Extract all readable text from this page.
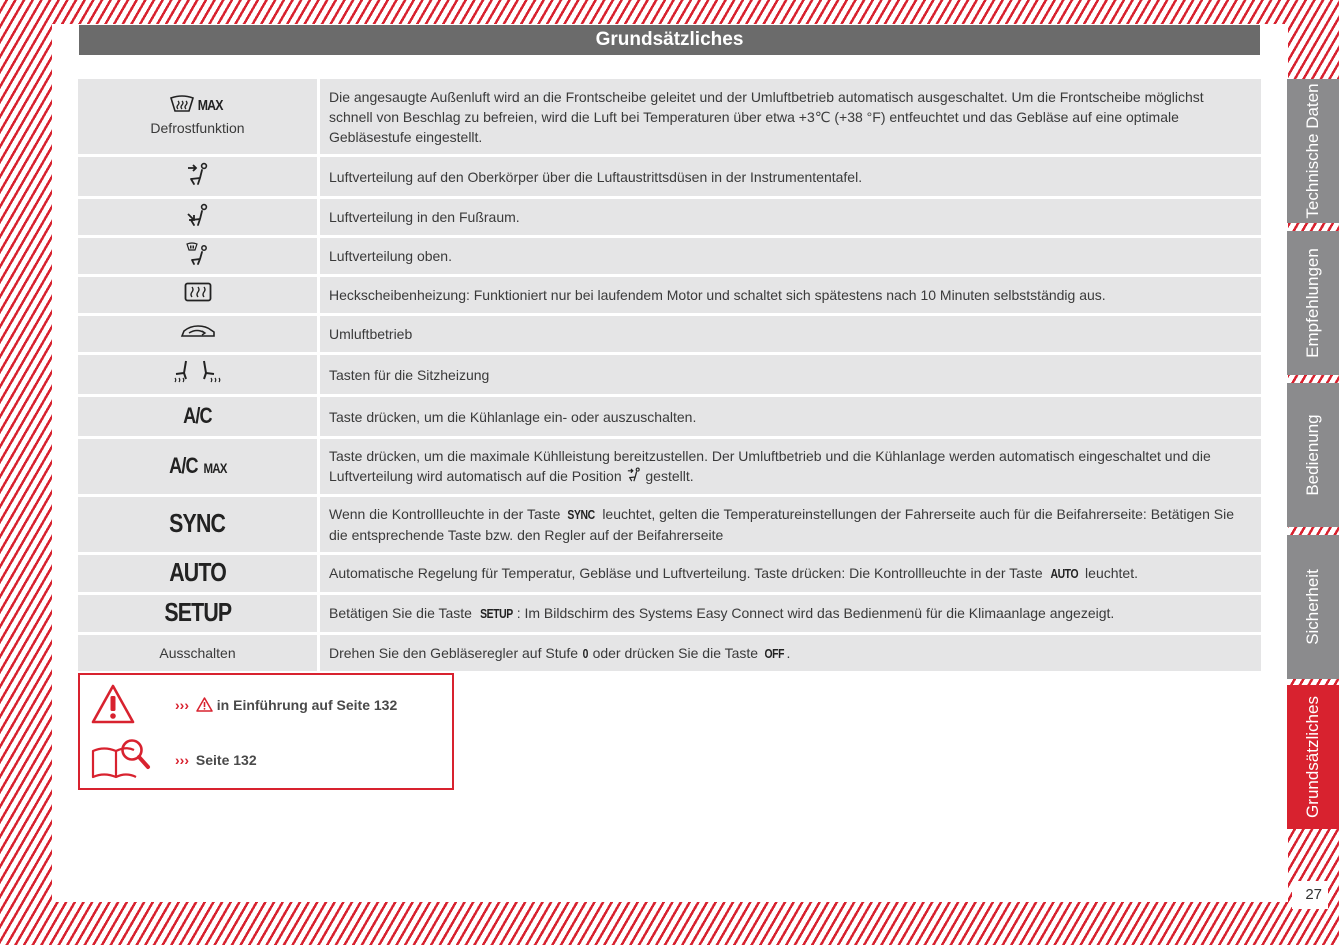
Grundsätzliches
MAX
Defrostfunktion	Die angesaugte Außenluft wird an die Frontscheibe geleitet und der Umluftbetrieb automatisch ausgeschaltet. Um die Frontscheibe möglichst schnell von Beschlag zu befreien, wird die Luft bei Temperaturen über etwa +3℃ (+38 °F) entfeuchtet und das Gebläse auf eine optimale Gebläsestufe eingestellt.
	Luftverteilung auf den Oberkörper über die Luftaustrittsdüsen in der Instrumententafel.
	Luftverteilung in den Fußraum.
	Luftverteilung oben.
	Heckscheibenheizung: Funktioniert nur bei laufendem Motor und schaltet sich spätestens nach 10 Minuten selbstständig aus.
	Umluftbetrieb
	Tasten für die Sitzheizung
A/C	Taste drücken, um die Kühlanlage ein- oder auszuschalten.
A/C MAX	Taste drücken, um die maximale Kühlleistung bereitzustellen. Der Umluftbetrieb und die Kühlanlage werden automatisch eingeschaltet und die Luftverteilung wird automatisch auf die Position gestellt.
SYNC	Wenn die Kontrollleuchte in der Taste SYNC leuchtet, gelten die Temperatureinstellungen der Fahrerseite auch für die Beifahrerseite: Betätigen Sie die entsprechende Taste bzw. den Regler auf der Beifahrerseite
AUTO	Automatische Regelung für Temperatur, Gebläse und Luftverteilung. Taste drücken: Die Kontrollleuchte in der Taste AUTO leuchtet.
SETUP	Betätigen Sie die Taste SETUP : Im Bildschirm des Systems Easy Connect wird das Bedienmenü für die Klimaanlage angezeigt.
Ausschalten	Drehen Sie den Gebläseregler auf Stufe 0 oder drücken Sie die Taste OFF .
››› in Einführung auf Seite 132
››› Seite 132
Technische Daten
Empfehlungen
Bedienung
Sicherheit
Grundsätzliches
27
